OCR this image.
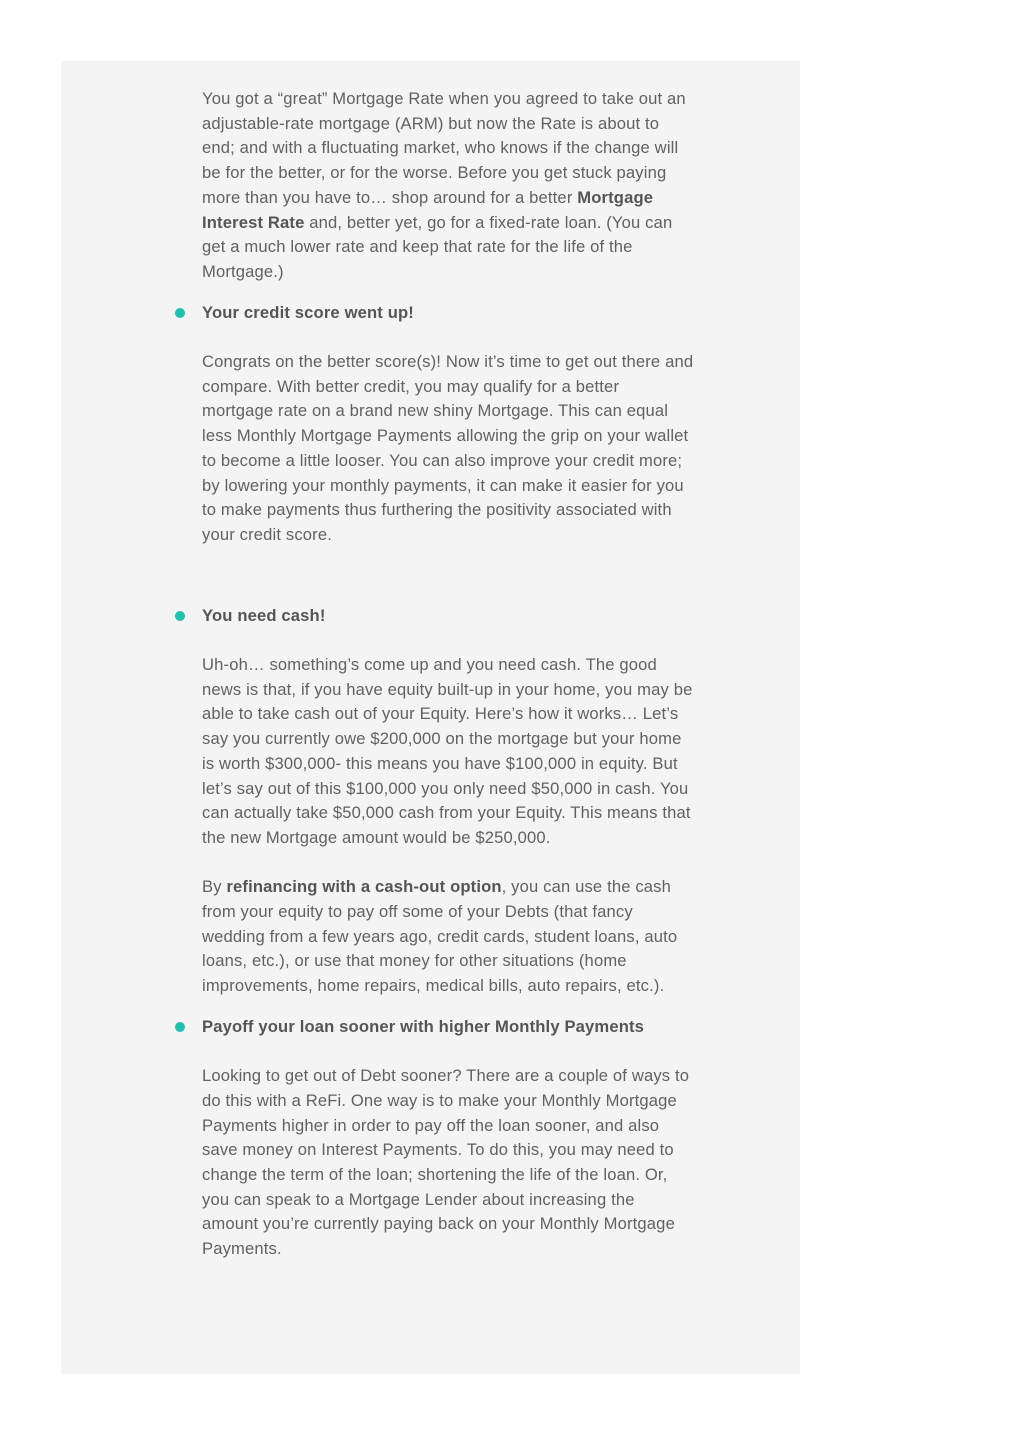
You got a “great” Mortgage Rate when you agreed to take out an adjustable-rate mortgage (ARM) but now the Rate is about to end; and with a fluctuating market, who knows if the change will be for the better, or for the worse. Before you get stuck paying more than you have to… shop around for a better Mortgage Interest Rate and, better yet, go for a fixed-rate loan. (You can get a much lower rate and keep that rate for the life of the Mortgage.)

Your credit score went up!

Congrats on the better score(s)! Now it’s time to get out there and compare. With better credit, you may qualify for a better mortgage rate on a brand new shiny Mortgage. This can equal less Monthly Mortgage Payments allowing the grip on your wallet to become a little looser. You can also improve your credit more; by lowering your monthly payments, it can make it easier for you to make payments thus furthering the positivity associated with your credit score.

You need cash!

Uh-oh… something’s come up and you need cash. The good news is that, if you have equity built-up in your home, you may be able to take cash out of your Equity. Here’s how it works… Let’s say you currently owe $200,000 on the mortgage but your home is worth $300,000- this means you have $100,000 in equity. But let’s say out of this $100,000 you only need $50,000 in cash. You can actually take $50,000 cash from your Equity. This means that the new Mortgage amount would be $250,000.

By refinancing with a cash-out option, you can use the cash from your equity to pay off some of your Debts (that fancy wedding from a few years ago, credit cards, student loans, auto loans, etc.), or use that money for other situations (home improvements, home repairs, medical bills, auto repairs, etc.).

Payoff your loan sooner with higher Monthly Payments

Looking to get out of Debt sooner? There are a couple of ways to do this with a ReFi. One way is to make your Monthly Mortgage Payments higher in order to pay off the loan sooner, and also save money on Interest Payments. To do this, you may need to change the term of the loan; shortening the life of the loan. Or, you can speak to a Mortgage Lender about increasing the amount you’re currently paying back on your Monthly Mortgage Payments.
